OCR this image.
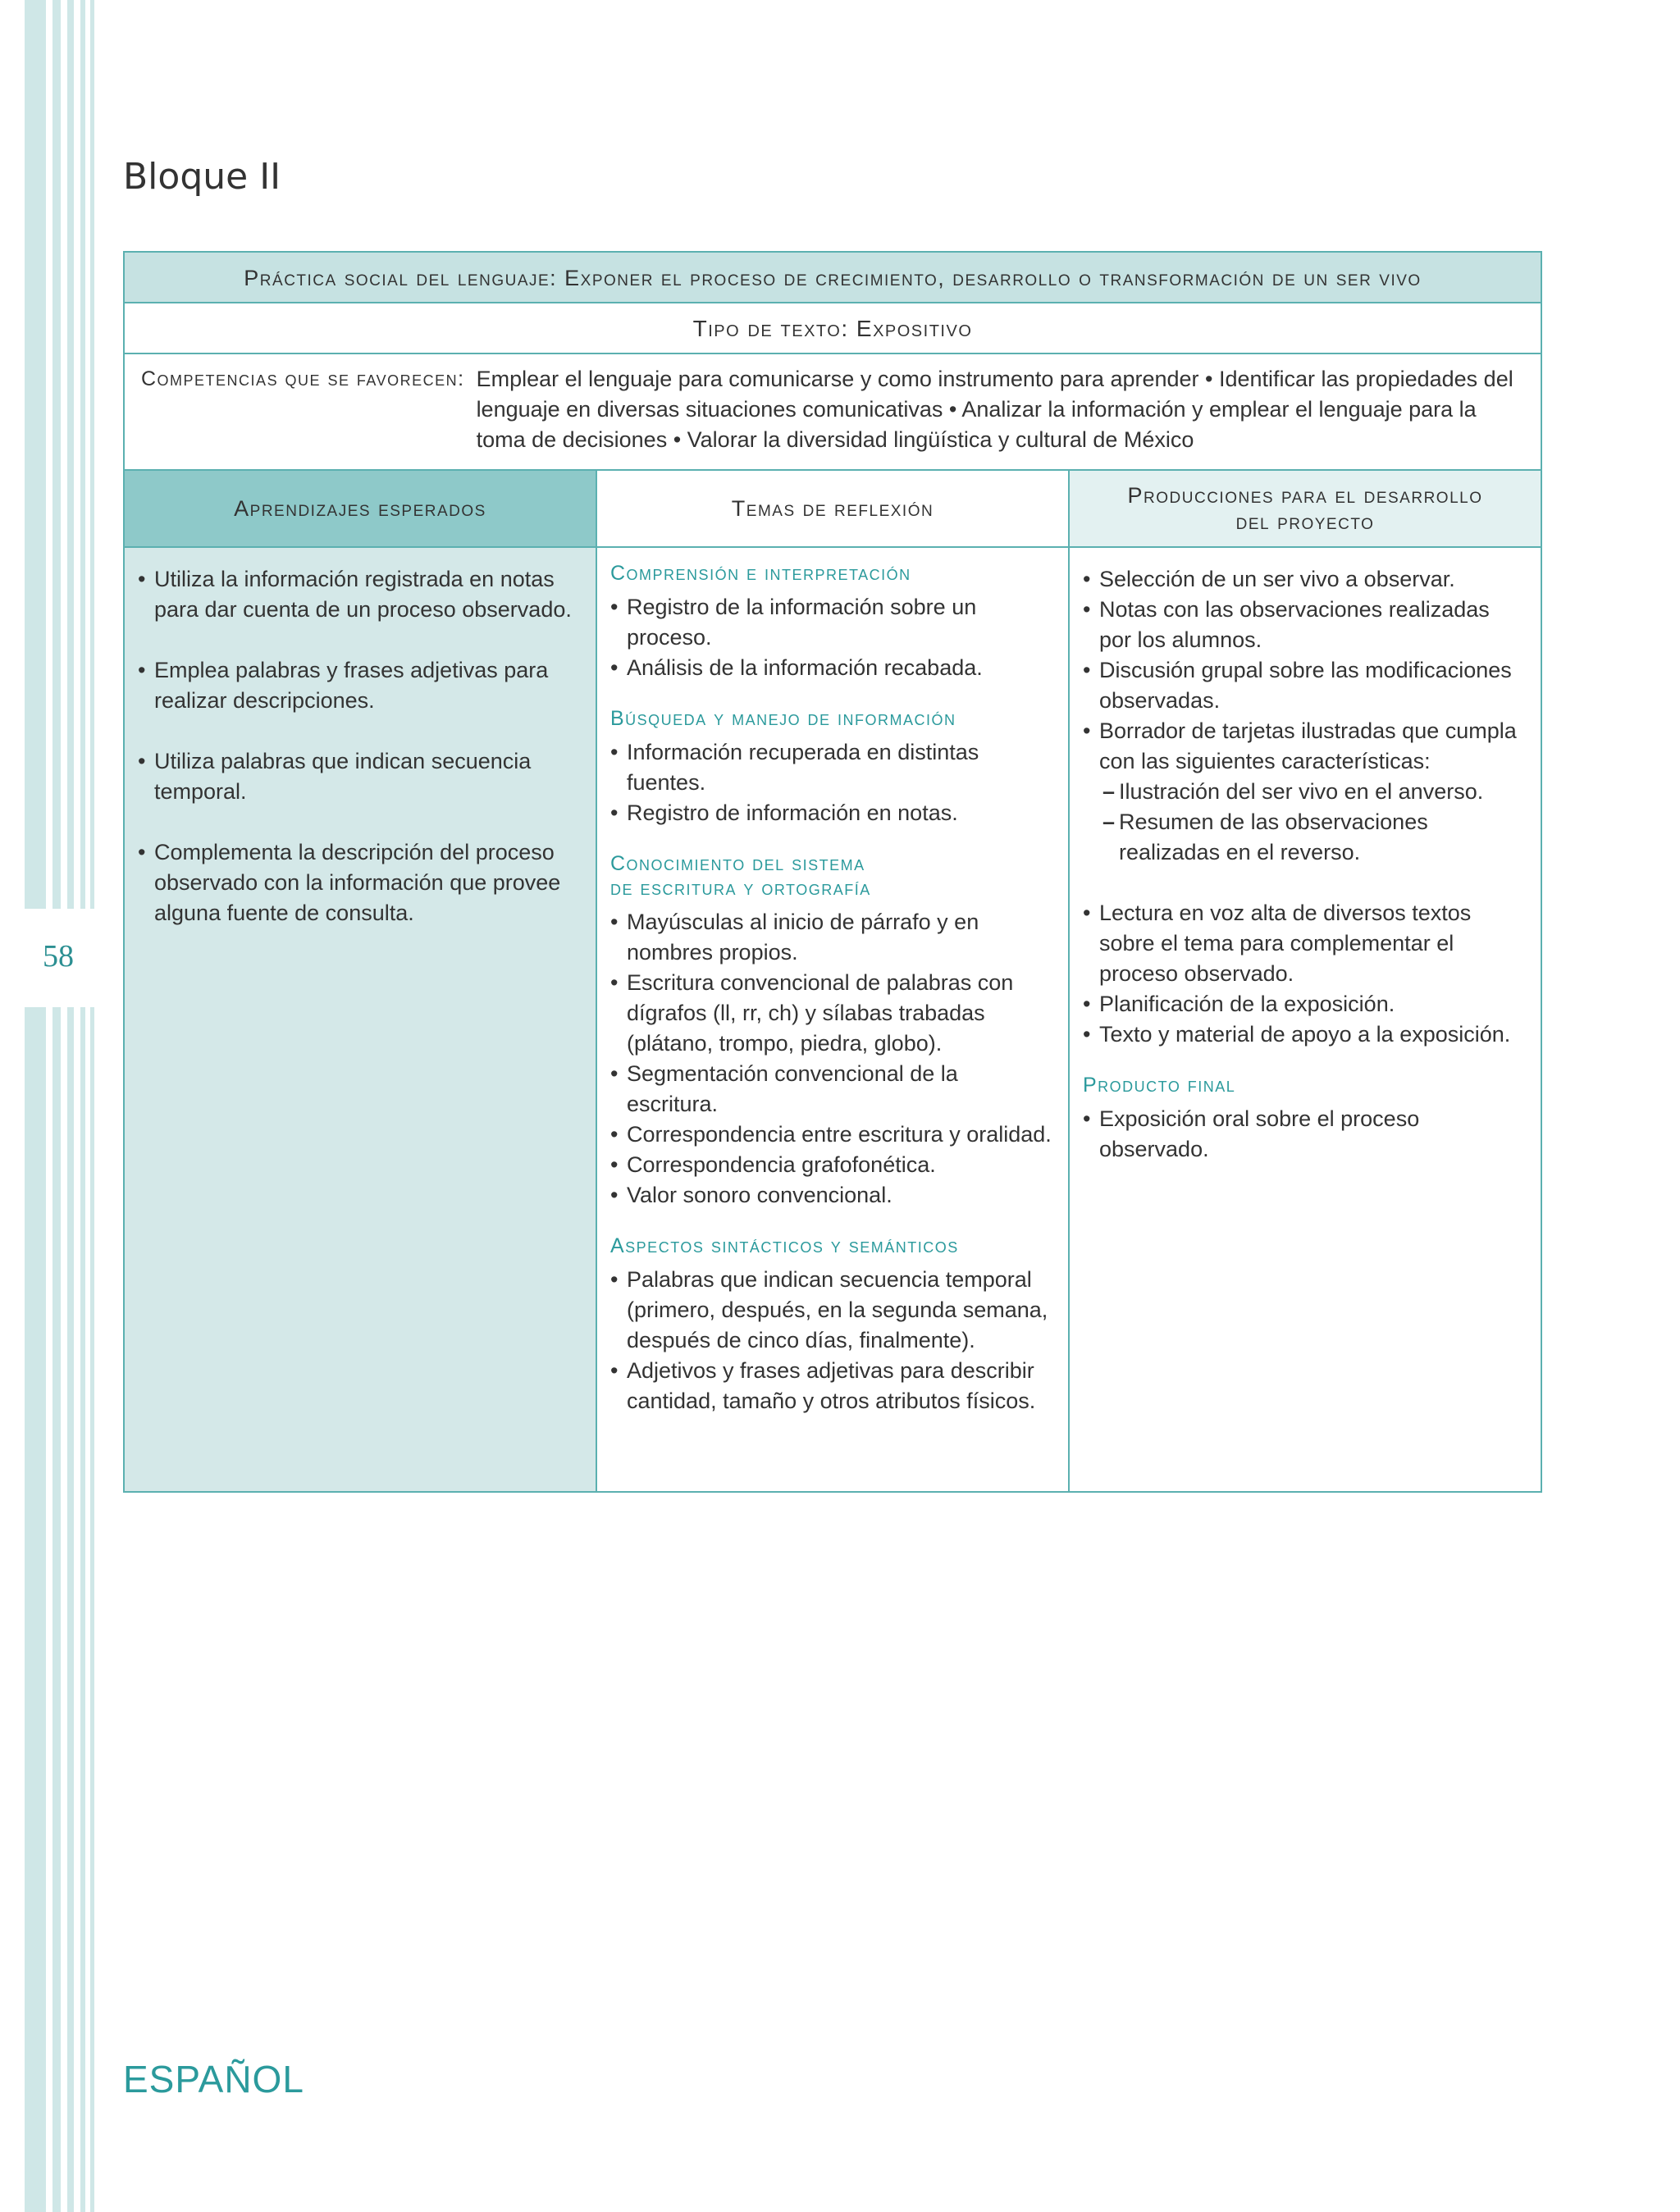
58
Bloque II
Práctica social del lenguaje: Exponer el proceso de crecimiento, desarrollo o transformación de un ser vivo
Tipo de texto: Expositivo
Competencias que se favorecen: Emplear el lenguaje para comunicarse y como instrumento para aprender • Identificar las propiedades del lenguaje en diversas situaciones comunicativas • Analizar la información y emplear el lenguaje para la toma de decisiones • Valorar la diversidad lingüística y cultural de México
Aprendizajes esperados	Temas de reflexión
Producciones para el desarrollo del proyecto
• Utiliza la información registrada en notas para dar cuenta de un proceso observado.
• Emplea palabras y frases adjetivas para realizar descripciones.
• Utiliza palabras que indican secuencia temporal.
• Complementa la descripción del proceso observado con la información que provee alguna fuente de consulta.
Comprensión e interpretación
• Registro de la información sobre un proceso.
• Análisis de la información recabada.
Búsqueda y manejo de información
• Información recuperada en distintas fuentes.
• Registro de información en notas.
Conocimiento del sistema de escritura y ortografía
• Mayúsculas al inicio de párrafo y en nombres propios.
• Escritura convencional de palabras con dígrafos (ll, rr, ch) y sílabas trabadas (plátano, trompo, piedra, globo).
• Segmentación convencional de la escritura.
• Correspondencia entre escritura y oralidad.
• Correspondencia grafofonética.
• Valor sonoro convencional.
Aspectos sintácticos y semánticos
• Palabras que indican secuencia temporal (primero, después, en la segunda semana, después de cinco días, finalmente).
• Adjetivos y frases adjetivas para describir cantidad, tamaño y otros atributos físicos.
• Selección de un ser vivo a observar.
• Notas con las observaciones realizadas por los alumnos.
• Discusión grupal sobre las modificaciones observadas.
• Borrador de tarjetas ilustradas que cumpla con las siguientes características:
– Ilustración del ser vivo en el anverso.
– Resumen de las observaciones realizadas en el reverso.
• Lectura en voz alta de diversos textos sobre el tema para complementar el proceso observado.
• Planificación de la exposición.
• Texto y material de apoyo a la exposición.
Producto final
• Exposición oral sobre el proceso observado.
ESPAÑOL
